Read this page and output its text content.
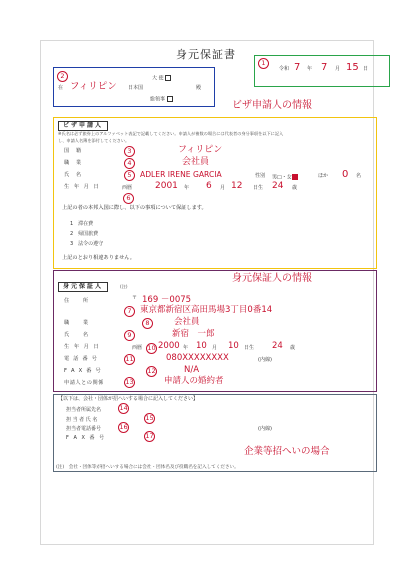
身元保証書
1
令和 7 年 7 月 15 日
2
在 フィリピン 日本国
大 使
総領事
殿
ビザ申請人の情報
ビザ申請人
※氏名は必ず旅券上のアルファベット表記で記載してください。申請人が複数の場合には代表者の身分事項を以下に記入
し、申請人名簿を添付してください。
国 籍	3	フィリピン
職 業	4	会社員
氏 名	5	ADLER IRENE GARCIA	性別 男□・女	ほか 0 名
生 年 月 日	西暦	2001 年 6 月 12 日生 24 歳
6
上記の者の本邦入国に際し、以下の事項について保証します。
1　滞在費
2　帰国旅費
3　法令の遵守
上記のとおり相違ありません。
身元保証人の情報
身元保証人	(注)
住 所	〒 169 －0075
7 東京都新宿区高田馬場3丁目0番14
職 業	8	会社員
氏 名	9	新宿　一郎
生 年 月 日	西暦 10 2000 年 10 月 10 日生 24 歳
電 話 番 号	11	080XXXXXXXX	(内線)
F A X 番 号	12	N/A
申請人との関係	13	申請人の婚約者
【以下は、会社・団体が招へいする場合に記入してください】
担当者所属先名	14
担 当 者 氏 名	15
担当者電話番号	16	(内線)
F A X 番 号	17
企業等招へいの場合
(注)　会社・団体等が招へいする場合には会社・団体名及び役職名を記入してください。
